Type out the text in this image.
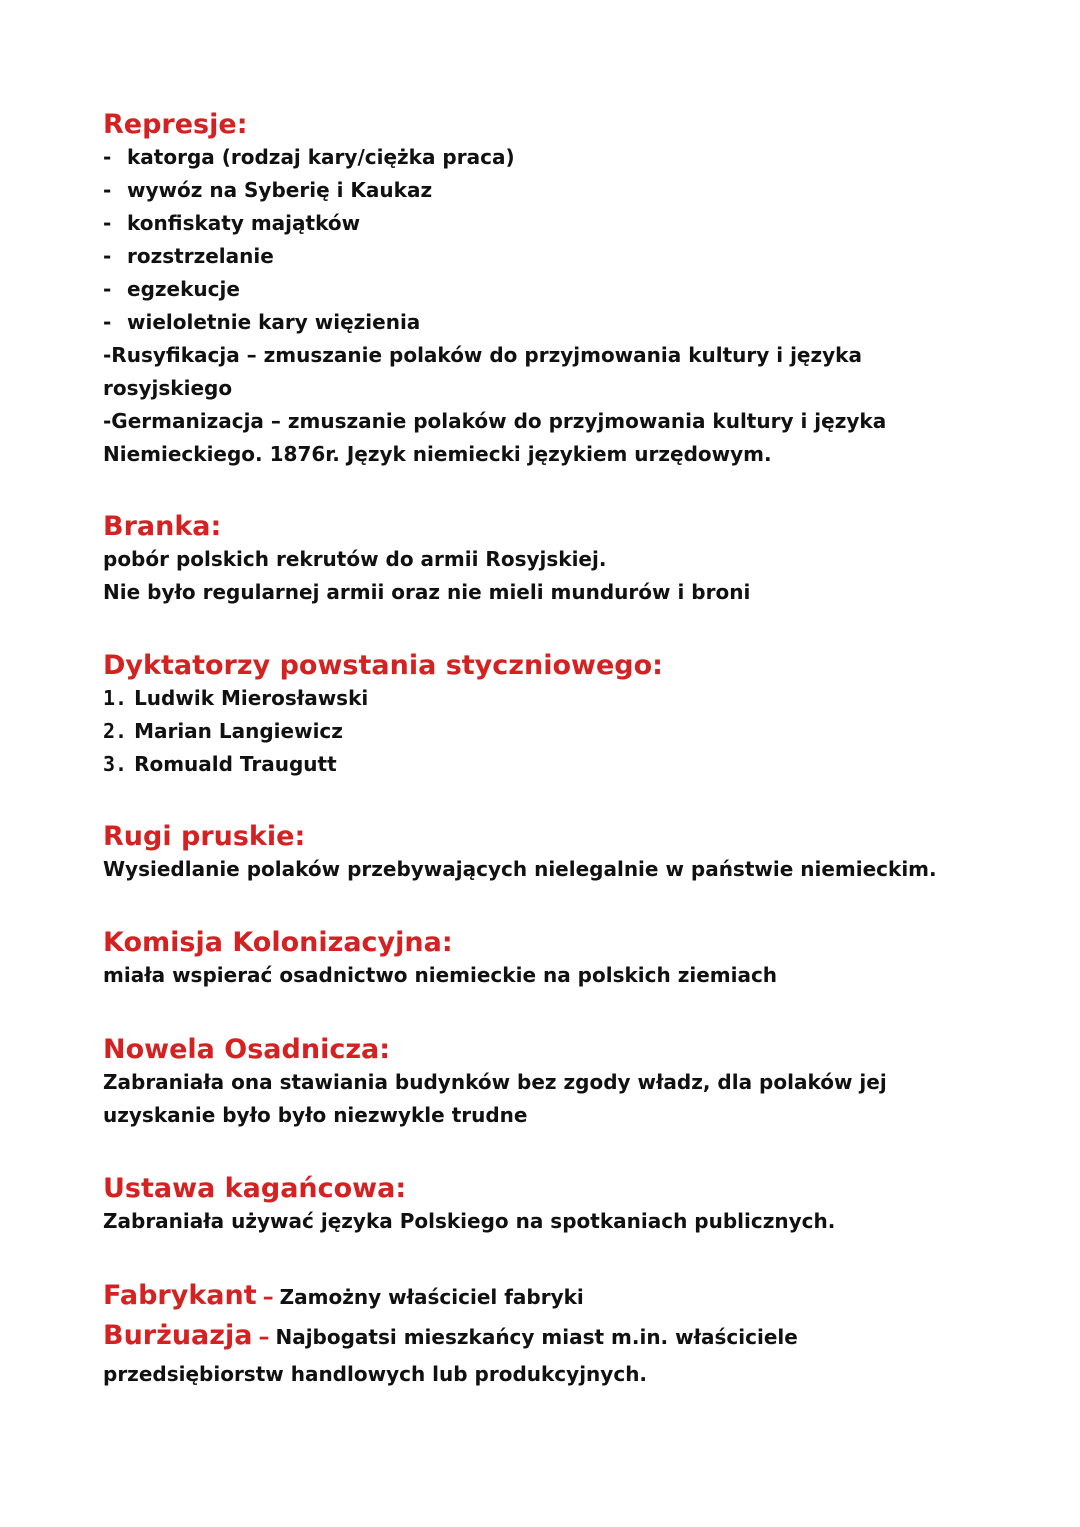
Represje:
- katorga (rodzaj kary/ciężka praca)
- wywóz na Syberię i Kaukaz
- konfiskaty majątków
- rozstrzelanie
- egzekucje
- wieloletnie kary więzienia
-Rusyfikacja – zmuszanie polaków do przyjmowania kultury i języka rosyjskiego
-Germanizacja – zmuszanie polaków do przyjmowania kultury i języka Niemieckiego. 1876r. Język niemiecki językiem urzędowym.
Branka:
pobór polskich rekrutów do armii Rosyjskiej.
Nie było regularnej armii oraz nie mieli mundurów i broni
Dyktatorzy powstania styczniowego:
1. Ludwik Mierosławski
2. Marian Langiewicz
3. Romuald Traugutt
Rugi pruskie:
Wysiedlanie polaków przebywających nielegalnie w państwie niemieckim.
Komisja Kolonizacyjna:
miała wspierać osadnictwo niemieckie na polskich ziemiach
Nowela Osadnicza:
Zabraniała ona stawiania budynków bez zgody władz, dla polaków jej uzyskanie było było niezwykle trudne
Ustawa kagańcowa:
Zabraniała używać języka Polskiego na spotkaniach publicznych.
Fabrykant – Zamożny właściciel fabryki
Burżuazja – Najbogatsi mieszkańcy miast m.in. właściciele przedsiębiorstw handlowych lub produkcyjnych.
